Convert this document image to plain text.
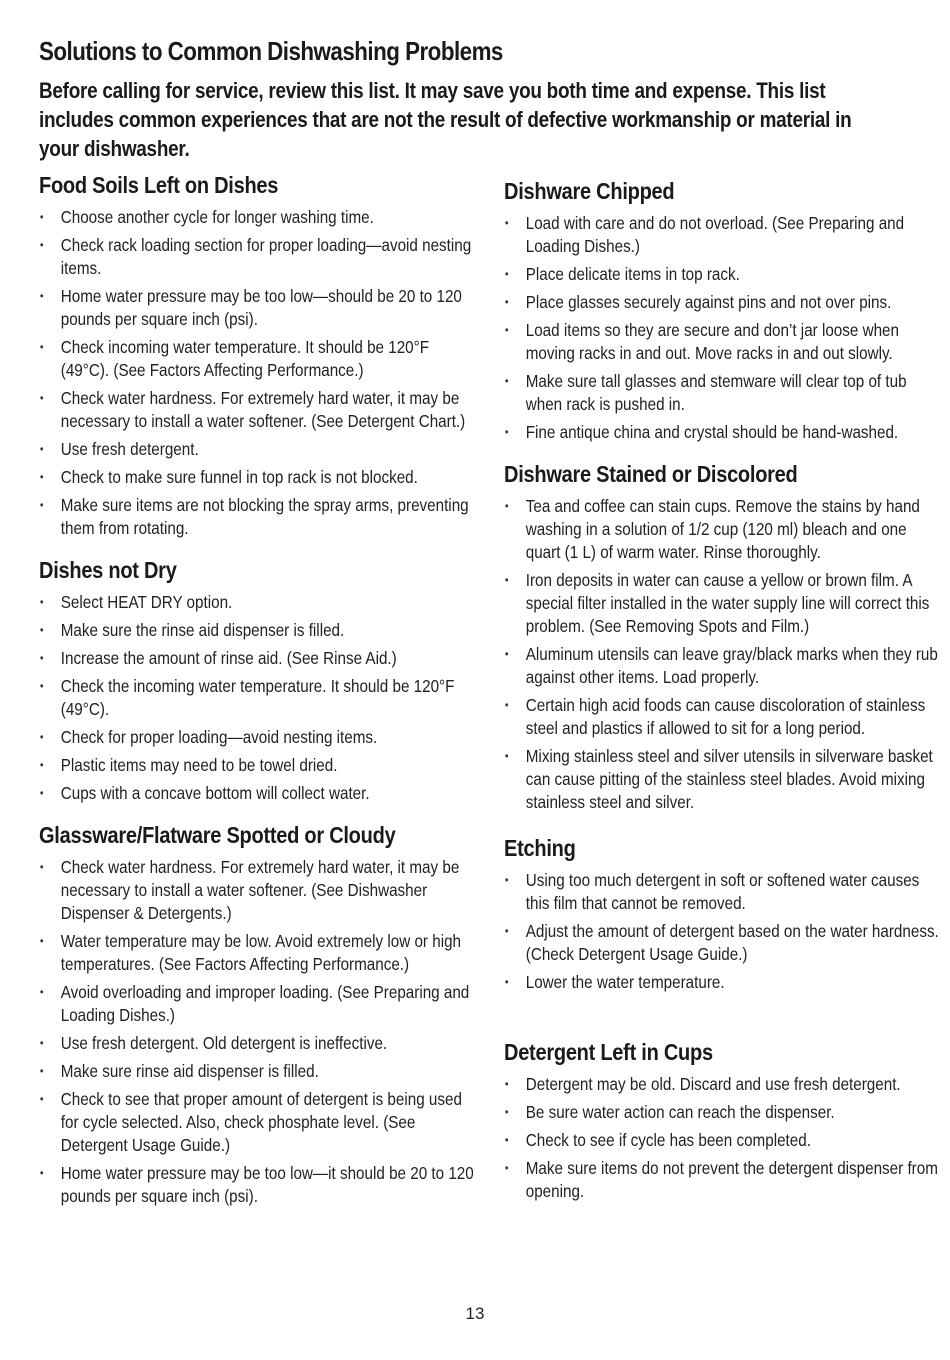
Solutions to Common Dishwashing Problems

Before calling for service, review this list. It may save you both time and expense. This list includes common experiences that are not the result of defective workmanship or material in your dishwasher.

Food Soils Left on Dishes
• Choose another cycle for longer washing time.
• Check rack loading section for proper loading—avoid nesting items.
• Home water pressure may be too low—should be 20 to 120 pounds per square inch (psi).
• Check incoming water temperature. It should be 120°F (49°C). (See Factors Affecting Performance.)
• Check water hardness. For extremely hard water, it may be necessary to install a water softener. (See Detergent Chart.)
• Use fresh detergent.
• Check to make sure funnel in top rack is not blocked.
• Make sure items are not blocking the spray arms, preventing them from rotating.
Dishes not Dry
• Select HEAT DRY option.
• Make sure the rinse aid dispenser is filled.
• Increase the amount of rinse aid. (See Rinse Aid.)
• Check the incoming water temperature. It should be 120°F (49°C).
• Check for proper loading—avoid nesting items.
• Plastic items may need to be towel dried.
• Cups with a concave bottom will collect water.
Glassware/Flatware Spotted or Cloudy
• Check water hardness. For extremely hard water, it may be necessary to install a water softener. (See Dishwasher Dispenser & Detergents.)
• Water temperature may be low. Avoid extremely low or high temperatures. (See Factors Affecting Performance.)
• Avoid overloading and improper loading. (See Preparing and Loading Dishes.)
• Use fresh detergent. Old detergent is ineffective.
• Make sure rinse aid dispenser is filled.
• Check to see that proper amount of detergent is being used for cycle selected. Also, check phosphate level. (See Detergent Usage Guide.)
• Home water pressure may be too low—it should be 20 to 120 pounds per square inch (psi).
Dishware Chipped
• Load with care and do not overload. (See Preparing and Loading Dishes.)
• Place delicate items in top rack.
• Place glasses securely against pins and not over pins.
• Load items so they are secure and don’t jar loose when moving racks in and out. Move racks in and out slowly.
• Make sure tall glasses and stemware will clear top of tub when rack is pushed in.
• Fine antique china and crystal should be hand-washed.
Dishware Stained or Discolored
• Tea and coffee can stain cups. Remove the stains by hand washing in a solution of 1/2 cup (120 ml) bleach and one quart (1 L) of warm water. Rinse thoroughly.
• Iron deposits in water can cause a yellow or brown film. A special filter installed in the water supply line will correct this problem. (See Removing Spots and Film.)
• Aluminum utensils can leave gray/black marks when they rub against other items. Load properly.
• Certain high acid foods can cause discoloration of stainless steel and plastics if allowed to sit for a long period.
• Mixing stainless steel and silver utensils in silverware basket can cause pitting of the stainless steel blades. Avoid mixing stainless steel and silver.
Etching
• Using too much detergent in soft or softened water causes this film that cannot be removed.
• Adjust the amount of detergent based on the water hardness. (Check Detergent Usage Guide.)
• Lower the water temperature.
Detergent Left in Cups
• Detergent may be old. Discard and use fresh detergent.
• Be sure water action can reach the dispenser.
• Check to see if cycle has been completed.
• Make sure items do not prevent the detergent dispenser from opening.
13
